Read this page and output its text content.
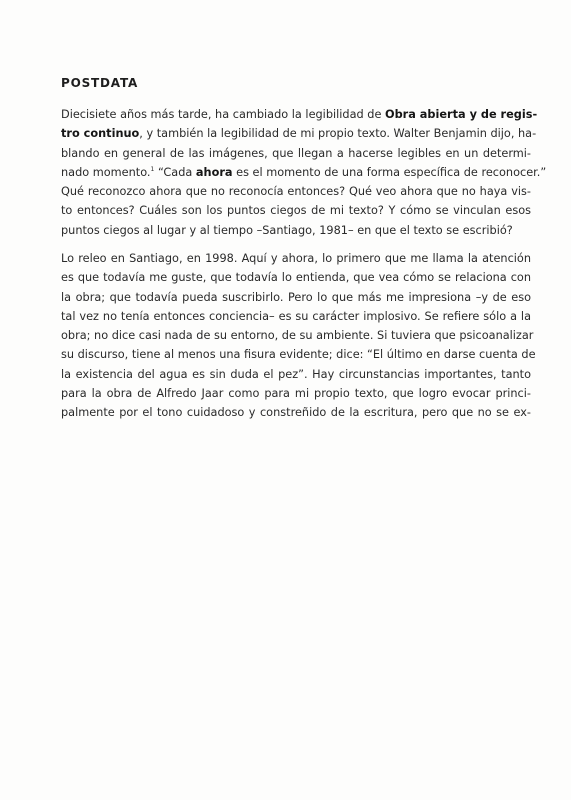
POSTDATA

Diecisiete años más tarde, ha cambiado la legibilidad de Obra abierta y de regis-
tro continuo, y también la legibilidad de mi propio texto. Walter Benjamin dijo, ha-
blando en general de las imágenes, que llegan a hacerse legibles en un determi-
nado momento.$^1$ “Cada ahora es el momento de una forma específica de reconocer.”
Qué reconozco ahora que no reconocía entonces? Qué veo ahora que no haya vis-
to entonces? Cuáles son los puntos ciegos de mi texto? Y cómo se vinculan esos
puntos ciegos al lugar y al tiempo –Santiago, 1981– en que el texto se escribió?

Lo releo en Santiago, en 1998. Aquí y ahora, lo primero que me llama la atención
es que todavía me guste, que todavía lo entienda, que vea cómo se relaciona con
la obra; que todavía pueda suscribirlo. Pero lo que más me impresiona –y de eso
tal vez no tenía entonces conciencia– es su carácter implosivo. Se refiere sólo a la
obra; no dice casi nada de su entorno, de su ambiente. Si tuviera que psicoanalizar
su discurso, tiene al menos una fisura evidente; dice: “El último en darse cuenta de
la existencia del agua es sin duda el pez”. Hay circunstancias importantes, tanto
para la obra de Alfredo Jaar como para mi propio texto, que logro evocar princi-
palmente por el tono cuidadoso y constreñido de la escritura, pero que no se ex-
